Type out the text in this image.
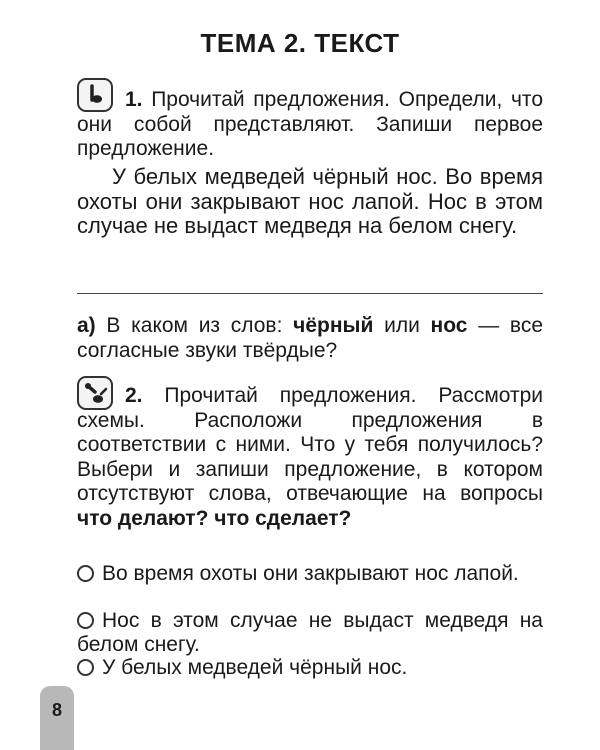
ТЕМА 2. ТЕКСТ

1. Прочитай предложения. Определи, что они собой представляют. Запиши первое предложение.

У белых медведей чёрный нос. Во время охоты они закрывают нос лапой. Нос в этом случае не выдаст медведя на белом снегу.

а) В каком из слов: чёрный или нос — все согласные звуки твёрдые?

2. Прочитай предложения. Рассмотри схемы. Расположи предложения в соответствии с ними. Что у тебя получилось? Выбери и запиши предложение, в котором отсутствуют слова, отвечающие на вопросы что делают? что сделает?

Во время охоты они закрывают нос лапой.

Нос в этом случае не выдаст медведя на белом снегу.

У белых медведей чёрный нос.

8
